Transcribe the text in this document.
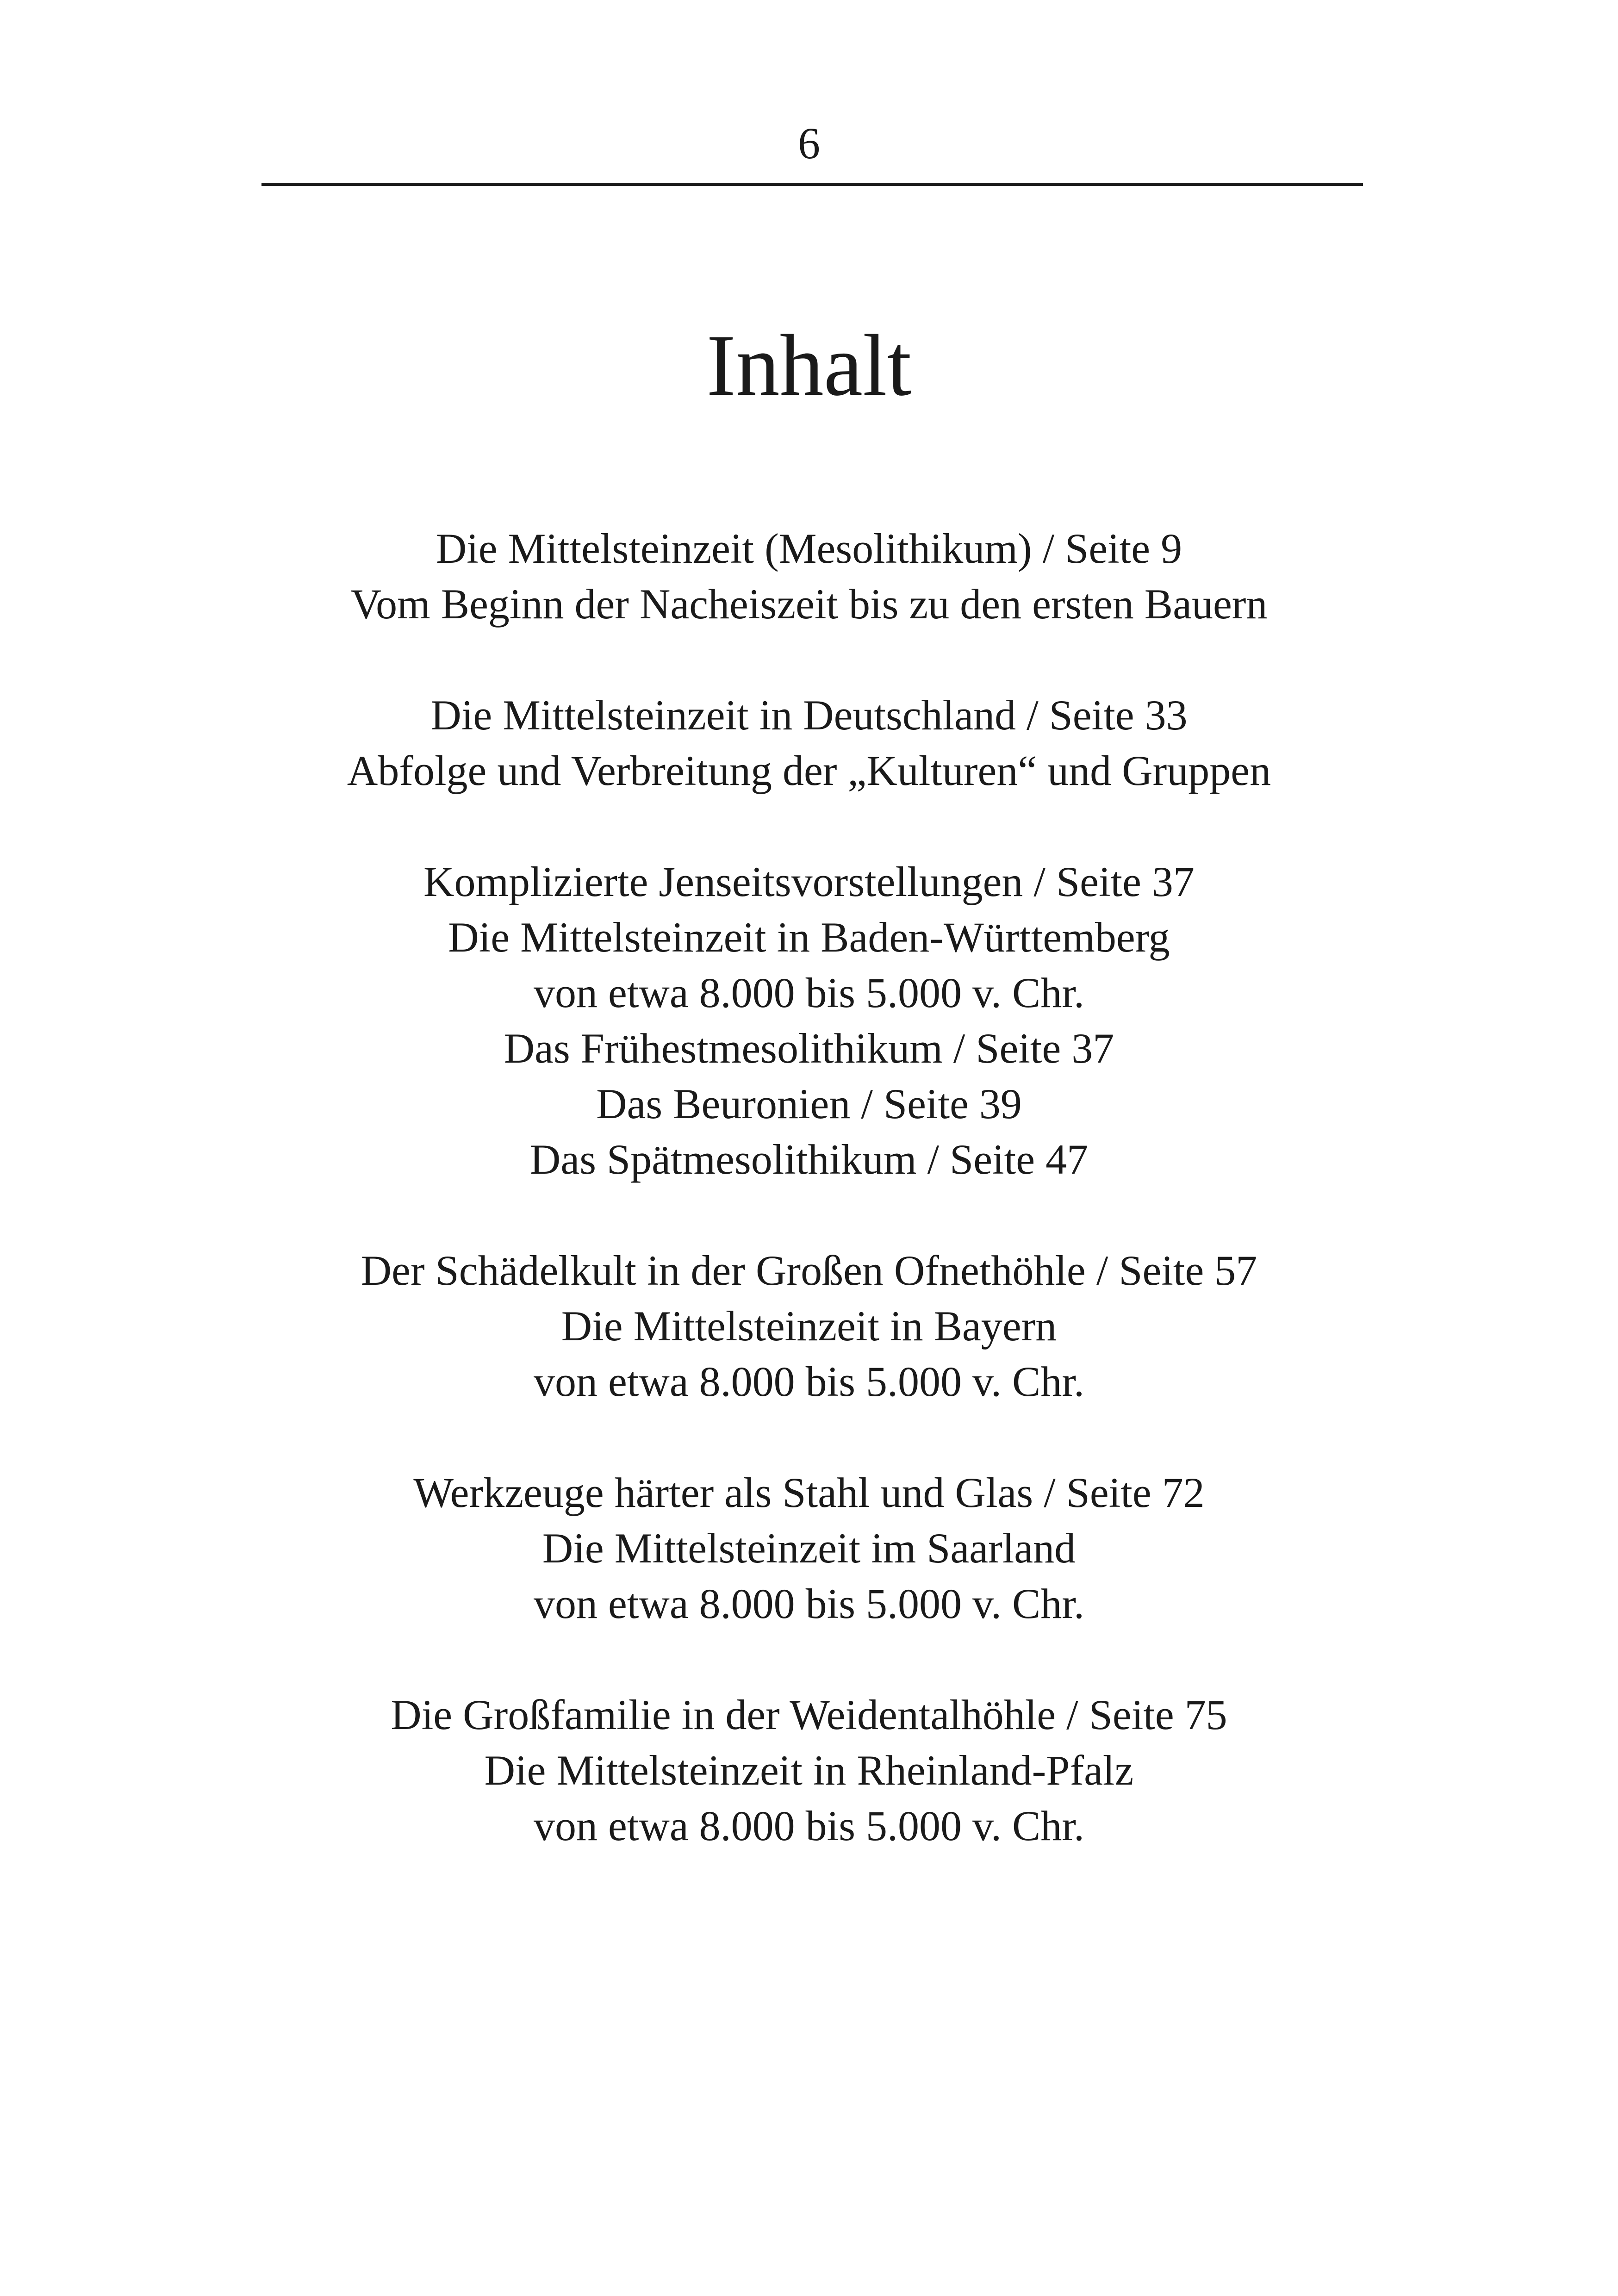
6
Inhalt
Die Mittelsteinzeit (Mesolithikum) / Seite 9
Vom Beginn der Nacheiszeit bis zu den ersten Bauern
Die Mittelsteinzeit in Deutschland / Seite 33
Abfolge und Verbreitung der „Kulturen“ und Gruppen
Komplizierte Jenseitsvorstellungen / Seite 37
Die Mittelsteinzeit in Baden-Württemberg
von etwa 8.000 bis 5.000 v. Chr.
Das Frühestmesolithikum / Seite 37
Das Beuronien / Seite 39
Das Spätmesolithikum / Seite 47
Der Schädelkult in der Großen Ofnethöhle / Seite 57
Die Mittelsteinzeit in Bayern
von etwa 8.000 bis 5.000 v. Chr.
Werkzeuge härter als Stahl und Glas / Seite 72
Die Mittelsteinzeit im Saarland
von etwa 8.000 bis 5.000 v. Chr.
Die Großfamilie in der Weidentalhöhle / Seite 75
Die Mittelsteinzeit in Rheinland-Pfalz
von etwa 8.000 bis 5.000 v. Chr.
